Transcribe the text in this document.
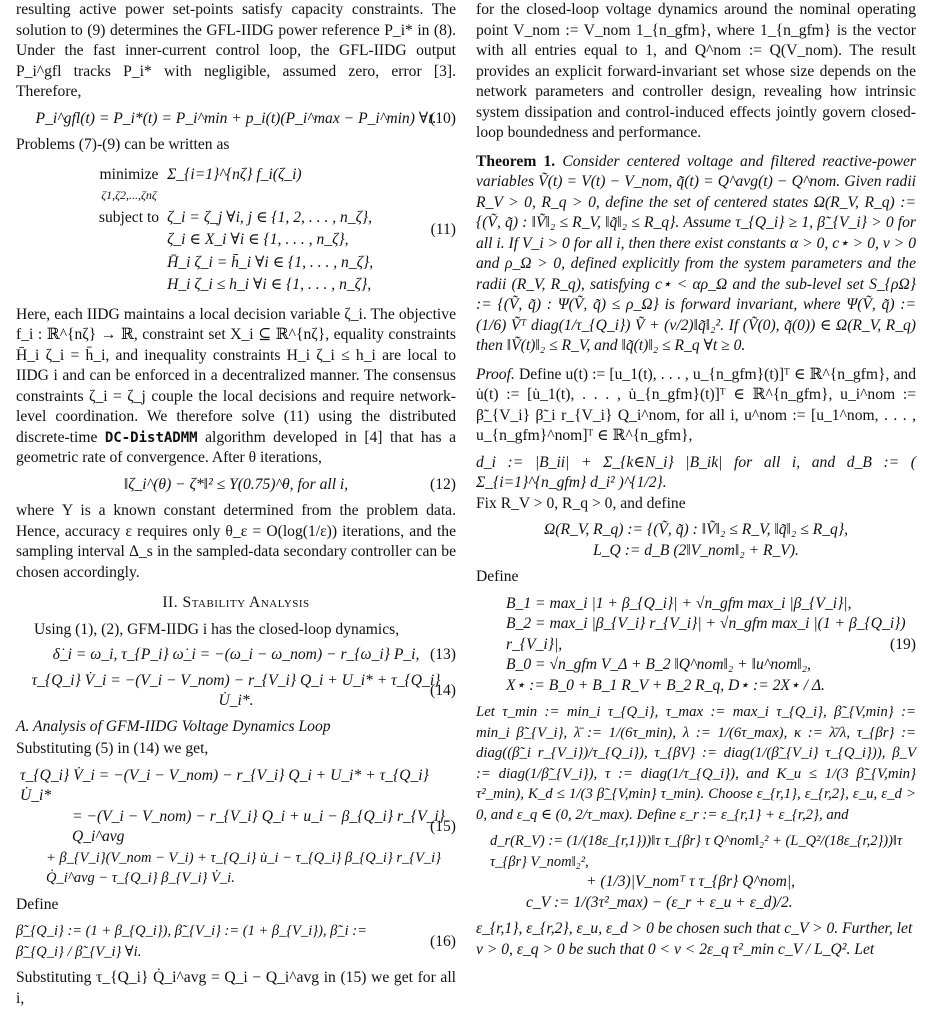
resulting active power set-points satisfy capacity constraints. The solution to (9) determines the GFL-IIDG power reference P_i* in (8). Under the fast inner-current control loop, the GFL-IIDG output P_i^gfl tracks P_i* with negligible, assumed zero, error [3]. Therefore,

P_i^gfl(t) = P_i*(t) = P_i^min + p_i(t)(P_i^max − P_i^min) ∀t.
(10)

Problems (7)-(9) can be written as

minimize
ζ1,ζ2,...,ζnζ	Σ_{i=1}^{nζ} f_i(ζ_i)
subject to	ζ_i = ζ_j ∀i, j ∈ {1, 2, . . . , n_ζ},
	ζ_i ∈ X_i ∀i ∈ {1, . . . , n_ζ},
	H̄_i ζ_i = h̄_i ∀i ∈ {1, . . . , n_ζ},
	H_i ζ_i ≤ h_i ∀i ∈ {1, . . . , n_ζ},
(11)

Here, each IIDG maintains a local decision variable ζ_i. The objective f_i : ℝ^{nζ} → ℝ, constraint set X_i ⊆ ℝ^{nζ}, equality constraints H̄_i ζ_i = h̄_i, and inequality constraints H_i ζ_i ≤ h_i are local to IIDG i and can be enforced in a decentralized manner. The consensus constraints ζ_i = ζ_j couple the local decisions and require network-level coordination. We therefore solve (11) using the distributed discrete-time DC-DistADMM algorithm developed in [4] that has a geometric rate of convergence. After θ iterations,

‖ζ_i^(θ) − ζ*‖² ≤ Υ(0.75)^θ, for all i,	(12)

where Υ is a known constant determined from the problem data. Hence, accuracy ε requires only θ_ε = O(log(1/ε)) iterations, and the sampling interval Δ_s in the sampled-data secondary controller can be chosen accordingly.

II. Stability Analysis

Using (1), (2), GFM-IIDG i has the closed-loop dynamics,

δ̇_i = ω_i, τ_{P_i} ω̇_i = −(ω_i − ω_nom) − r_{ω_i} P_i, (13)
τ_{Q_i} V̇_i = −(V_i − V_nom) − r_{V_i} Q_i + U_i* + τ_{Q_i} U̇_i*.
(14)
A. Analysis of GFM-IIDG Voltage Dynamics Loop

Substituting (5) in (14) we get,

τ_{Q_i} V̇_i = −(V_i − V_nom) − r_{V_i} Q_i + U_i* + τ_{Q_i} U̇_i*
= −(V_i − V_nom) − r_{V_i} Q_i + u_i − β_{Q_i} r_{V_i} Q_i^avg
+ β_{V_i}(V_nom − V_i) + τ_{Q_i} u̇_i − τ_{Q_i} β_{Q_i} r_{V_i} Q̇_i^avg − τ_{Q_i} β_{V_i} V̇_i.
(15)

Define

β̃_{Q_i} := (1 + β_{Q_i}), β̃_{V_i} := (1 + β_{V_i}), β̃_i := β̃_{Q_i} / β̃_{V_i} ∀i.
(16)

Substituting τ_{Q_i} Q̇_i^avg = Q_i − Q_i^avg in (15) we get for all i,

for the closed-loop voltage dynamics around the nominal operating point V_nom := V_nom 1_{n_gfm}, where 1_{n_gfm} is the vector with all entries equal to 1, and Q^nom := Q(V_nom). The result provides an explicit forward-invariant set whose size depends on the network parameters and controller design, revealing how intrinsic system dissipation and control-induced effects jointly govern closed-loop boundedness and performance.

Theorem 1. Consider centered voltage and filtered reactive-power variables Ṽ(t) = V(t) − V_nom, q̃(t) = Q^avg(t) − Q^nom. Given radii R_V > 0, R_q > 0, define the set of centered states Ω(R_V, R_q) := {(Ṽ, q̃) : ‖Ṽ‖₂ ≤ R_V, ‖q̃‖₂ ≤ R_q}. Assume τ_{Q_i} ≥ 1, β̃_{V_i} > 0 for all i. If V_i > 0 for all i, then there exist constants α > 0, c⋆ > 0, ν > 0 and ρ_Ω > 0, defined explicitly from the system parameters and the radii (R_V, R_q), satisfying c⋆ < αρ_Ω and the sub-level set S_{ρΩ} := {(Ṽ, q̃) : Ψ(Ṽ, q̃) ≤ ρ_Ω} is forward invariant, where Ψ(Ṽ, q̃) := (1/6) Ṽᵀ diag(1/τ_{Q_i}) Ṽ + (ν/2)‖q̃‖₂². If (Ṽ(0), q̃(0)) ∈ Ω(R_V, R_q) then ‖Ṽ(t)‖₂ ≤ R_V, and ‖q̃(t)‖₂ ≤ R_q ∀t ≥ 0.

Proof. Define u(t) := [u_1(t), . . . , u_{n_gfm}(t)]ᵀ ∈ ℝ^{n_gfm}, and u̇(t) := [u̇_1(t), . . . , u̇_{n_gfm}(t)]ᵀ ∈ ℝ^{n_gfm}, u_i^nom := β̃_{V_i} β̃_i r_{V_i} Q_i^nom, for all i, u^nom := [u_1^nom, . . . , u_{n_gfm}^nom]ᵀ ∈ ℝ^{n_gfm},

d_i := |B_ii| + Σ_{k∈N_i} |B_ik| for all i, and d_B := ( Σ_{i=1}^{n_gfm} d_i² )^{1/2}.

Fix R_V > 0, R_q > 0, and define

Ω(R_V, R_q) := {(Ṽ, q̃) : ‖Ṽ‖₂ ≤ R_V, ‖q̃‖₂ ≤ R_q},
L_Q := d_B (2‖V_nom‖₂ + R_V).

Define

B_1 = max_i |1 + β_{Q_i}| + √n_gfm max_i |β_{V_i}|,
B_2 = max_i |β_{V_i} r_{V_i}| + √n_gfm max_i |(1 + β_{Q_i}) r_{V_i}|,
B_0 = √n_gfm V_Δ + B_2 ‖Q^nom‖₂ + ‖u^nom‖₂,
X⋆ := B_0 + B_1 R_V + B_2 R_q, D⋆ := 2X⋆ / Δ.
(19)

Let τ_min := min_i τ_{Q_i}, τ_max := max_i τ_{Q_i}, β̃_{V,min} := min_i β̃_{V_i}, λ̄ := 1/(6τ_min), λ := 1/(6τ_max), κ := λ̄/λ, τ_{βr} := diag((β̃_i r_{V_i})/τ_{Q_i}), τ_{βV} := diag(1/(β̃_{V_i} τ_{Q_i})), β_V := diag(1/β̃_{V_i}), τ := diag(1/τ_{Q_i}), and K_u ≤ 1/(3 β̃_{V,min} τ²_min), K_d ≤ 1/(3 β̃_{V,min} τ_min). Choose ε_{r,1}, ε_{r,2}, ε_u, ε_d > 0, and ε_q ∈ (0, 2/τ_max). Define ε_r := ε_{r,1} + ε_{r,2}, and

d_r(R_V) := (1/(18ε_{r,1}))‖τ τ_{βr} τ Q^nom‖₂² + (L_Q²/(18ε_{r,2}))‖τ τ_{βr} V_nom‖₂²,
+ (1/3)|V_nomᵀ τ τ_{βr} Q^nom|,
c_V := 1/(3τ²_max) − (ε_r + ε_u + ε_d)/2.

ε_{r,1}, ε_{r,2}, ε_u, ε_d > 0 be chosen such that c_V > 0. Further, let

ν > 0, ε_q > 0 be such that 0 < ν < 2ε_q τ²_min c_V / L_Q². Let
